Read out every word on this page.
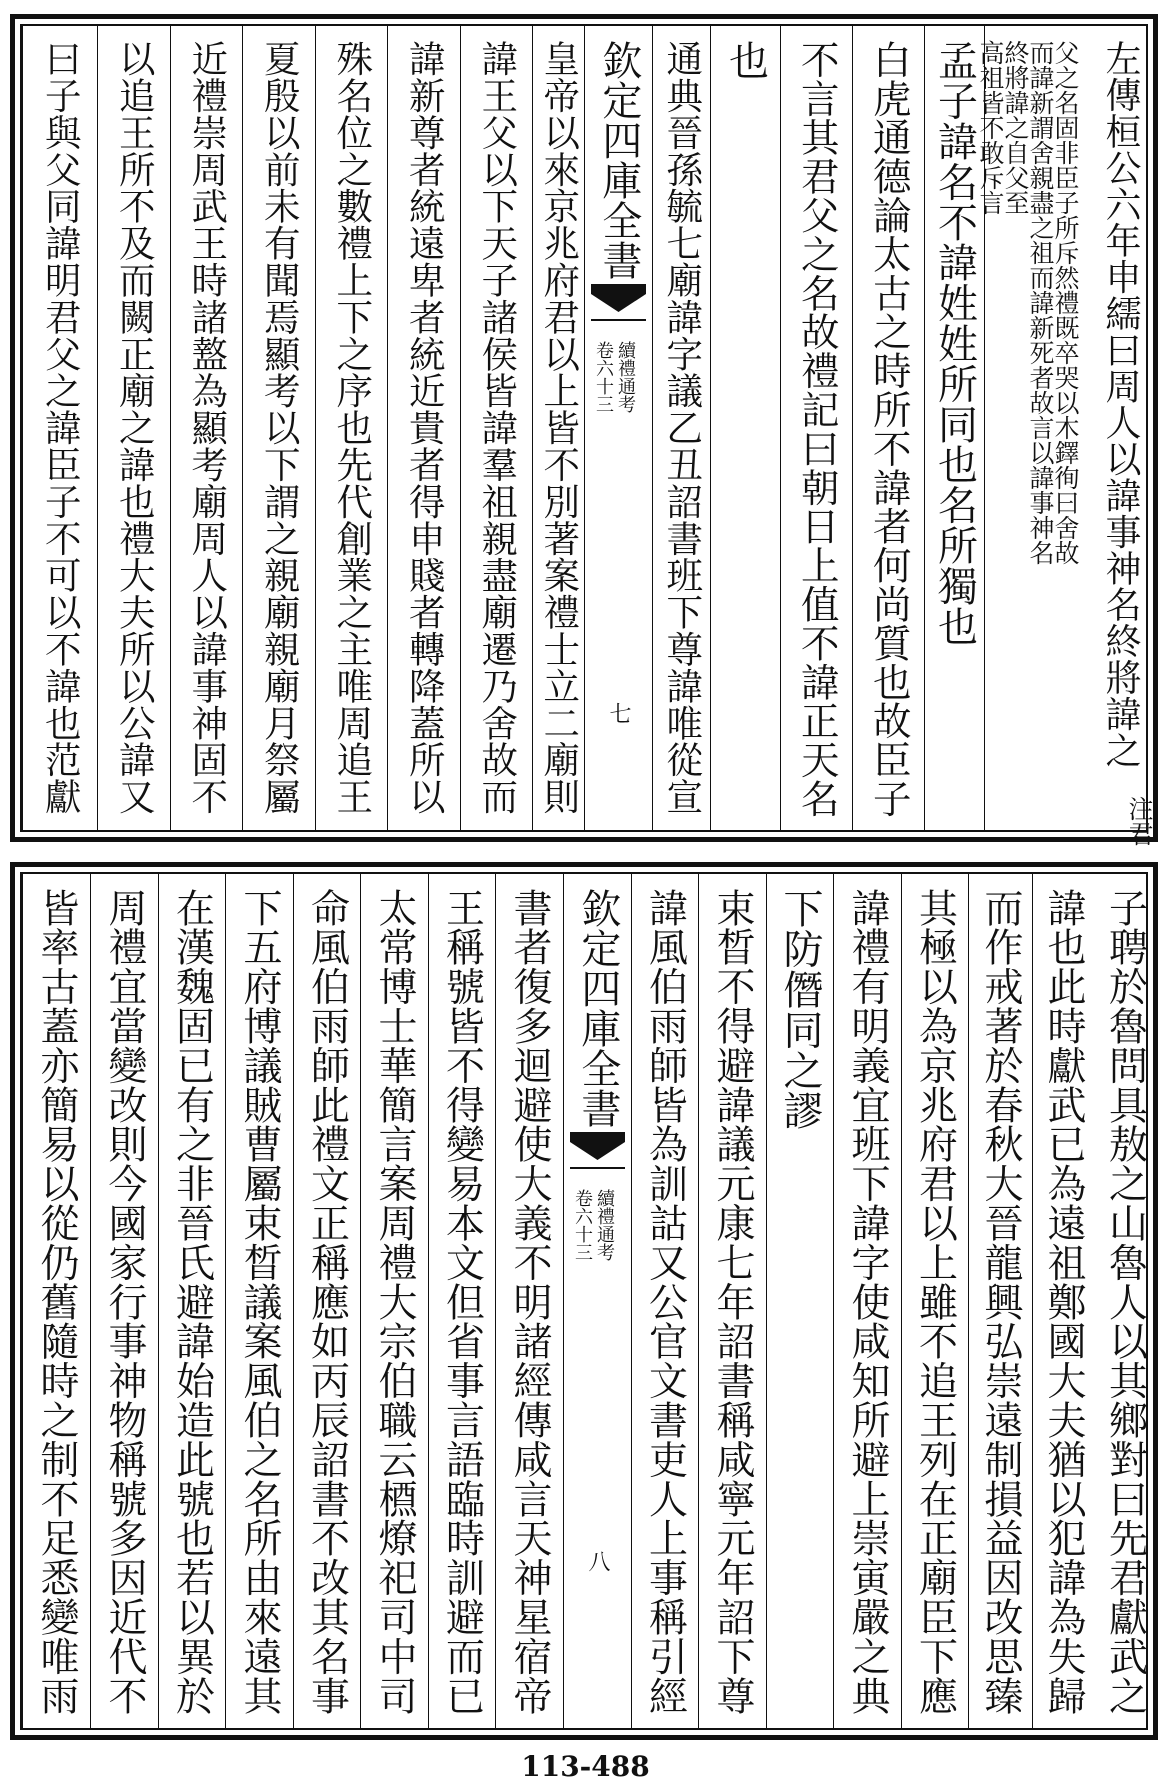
曰子與父同諱明君父之諱臣子不可以不諱也范獻 以追王所不及而闕正廟之諱也禮大夫所以公諱又 近禮崇周武王時諸盩為顯考廟周人以諱事神固不 夏殷以前未有聞焉顯考以下謂之親廟親廟月祭屬 殊名位之數禮上下之序也先代創業之主唯周追王 諱新尊者統遠卑者統近貴者得申賤者轉降蓋所以 諱王父以下天子諸侯皆諱羣祖親盡廟遷乃舍故而 皇帝以來京兆府君以上皆不別著案禮士立二廟則 欽定四庫全書
續禮通考
卷六十三
七 通典晉孫毓七廟諱字議乙丑詔書班下尊諱唯從宣 也 不言其君父之名故禮記曰朝日上值不諱正天名 白虎通德論太古之時所不諱者何尚質也故臣子 孟子諱名不諱姓姓所同也名所獨也	父之名固非臣子所斥然禮既卒哭以木鐸徇曰舍故
而諱新謂舍親盡之祖而諱新死者故言以諱事神名
終將諱之自父至
高祖皆不敢斥言	左傳桓公六年申繻曰周人以諱事神名終將諱之
注君
皆率古蓋亦簡易以從仍舊隨時之制不足悉變唯雨 周禮宜當變改則今國家行事神物稱號多因近代不 在漢魏固已有之非晉氏避諱始造此號也若以異於 下五府博議賊曹屬束晳議案風伯之名所由來遠其 命風伯雨師此禮文正稱應如丙辰詔書不改其名事 太常博士華簡言案周禮大宗伯職云槱燎祀司中司 王稱號皆不得變易本文但省事言語臨時訓避而已 書者復多迴避使大義不明諸經傳咸言天神星宿帝 欽定四庫全書
續禮通考
卷六十三
八 諱風伯雨師皆為訓詁又公官文書吏人上事稱引經 束晳不得避諱議元康七年詔書稱咸寧元年詔下尊 下防僭同之謬 諱禮有明義宜班下諱字使咸知所避上崇寅嚴之典 其極以為京兆府君以上雖不追王列在正廟臣下應 而作戒著於春秋大晉龍興弘崇遠制損益因改思臻 諱也此時獻武已為遠祖鄭國大夫猶以犯諱為失歸 子聘於魯問具敖之山魯人以其鄉對曰先君獻武之
113-488
